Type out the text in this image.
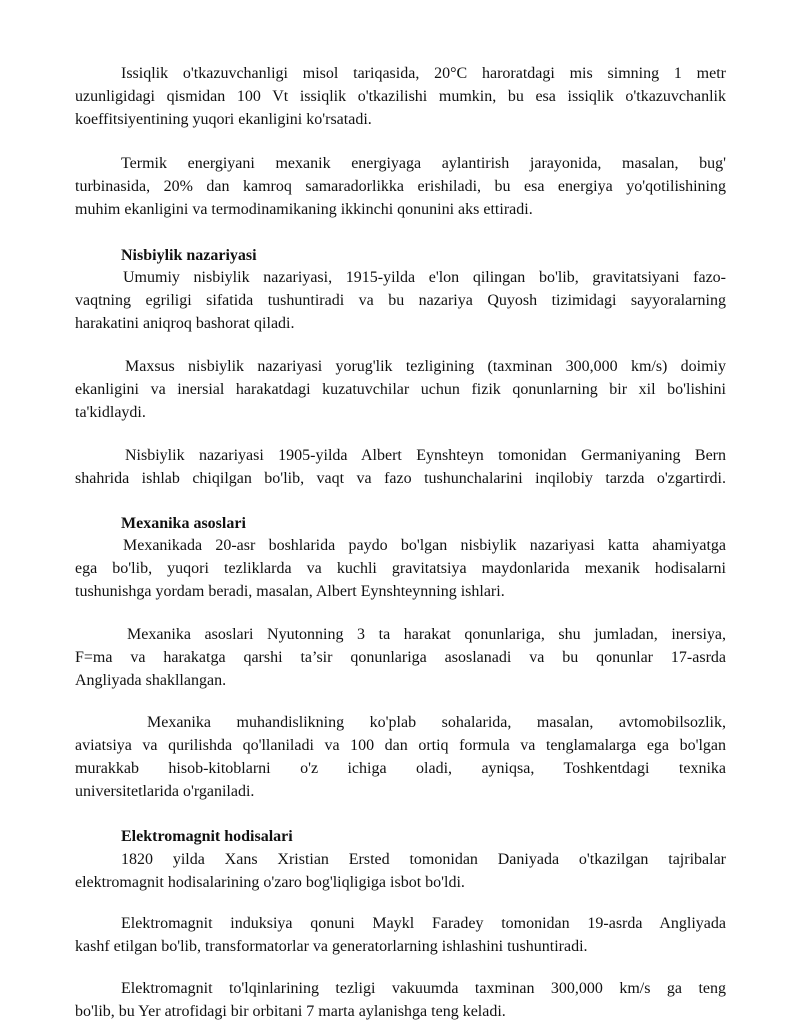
Issiqlik o'tkazuvchanligi misol tariqasida, 20°C haroratdagi mis simning 1 metr
uzunligidagi qismidan 100 Vt issiqlik o'tkazilishi mumkin, bu esa issiqlik o'tkazuvchanlik
koeffitsiyentining yuqori ekanligini ko'rsatadi.
Termik energiyani mexanik energiyaga aylantirish jarayonida, masalan, bug'
turbinasida, 20% dan kamroq samaradorlikka erishiladi, bu esa energiya yo'qotilishining
muhim ekanligini va termodinamikaning ikkinchi qonunini aks ettiradi.
Nisbiylik nazariyasi
Umumiy nisbiylik nazariyasi, 1915-yilda e'lon qilingan bo'lib, gravitatsiyani fazo-
vaqtning egriligi sifatida tushuntiradi va bu nazariya Quyosh tizimidagi sayyoralarning
harakatini aniqroq bashorat qiladi.
Maxsus nisbiylik nazariyasi yorug'lik tezligining (taxminan 300,000 km/s) doimiy
ekanligini va inersial harakatdagi kuzatuvchilar uchun fizik qonunlarning bir xil bo'lishini
ta'kidlaydi.
Nisbiylik nazariyasi 1905-yilda Albert Eynshteyn tomonidan Germaniyaning Bern
shahrida ishlab chiqilgan bo'lib, vaqt va fazo tushunchalarini inqilobiy tarzda o'zgartirdi.
Mexanika asoslari
Mexanikada 20-asr boshlarida paydo bo'lgan nisbiylik nazariyasi katta ahamiyatga
ega bo'lib, yuqori tezliklarda va kuchli gravitatsiya maydonlarida mexanik hodisalarni
tushunishga yordam beradi, masalan, Albert Eynshteynning ishlari.
Mexanika asoslari Nyutonning 3 ta harakat qonunlariga, shu jumladan, inersiya,
F=ma va harakatga qarshi ta’sir qonunlariga asoslanadi va bu qonunlar 17-asrda
Angliyada shakllangan.
Mexanika muhandislikning ko'plab sohalarida, masalan, avtomobilsozlik,
aviatsiya va qurilishda qo'llaniladi va 100 dan ortiq formula va tenglamalarga ega bo'lgan
murakkab hisob-kitoblarni o'z ichiga oladi, ayniqsa, Toshkentdagi texnika
universitetlarida o'rganiladi.
Elektromagnit hodisalari
1820 yilda Xans Xristian Ersted tomonidan Daniyada o'tkazilgan tajribalar
elektromagnit hodisalarining o'zaro bog'liqligiga isbot bo'ldi.
Elektromagnit induksiya qonuni Maykl Faradey tomonidan 19-asrda Angliyada
kashf etilgan bo'lib, transformatorlar va generatorlarning ishlashini tushuntiradi.
Elektromagnit to'lqinlarining tezligi vakuumda taxminan 300,000 km/s ga teng
bo'lib, bu Yer atrofidagi bir orbitani 7 marta aylanishga teng keladi.
